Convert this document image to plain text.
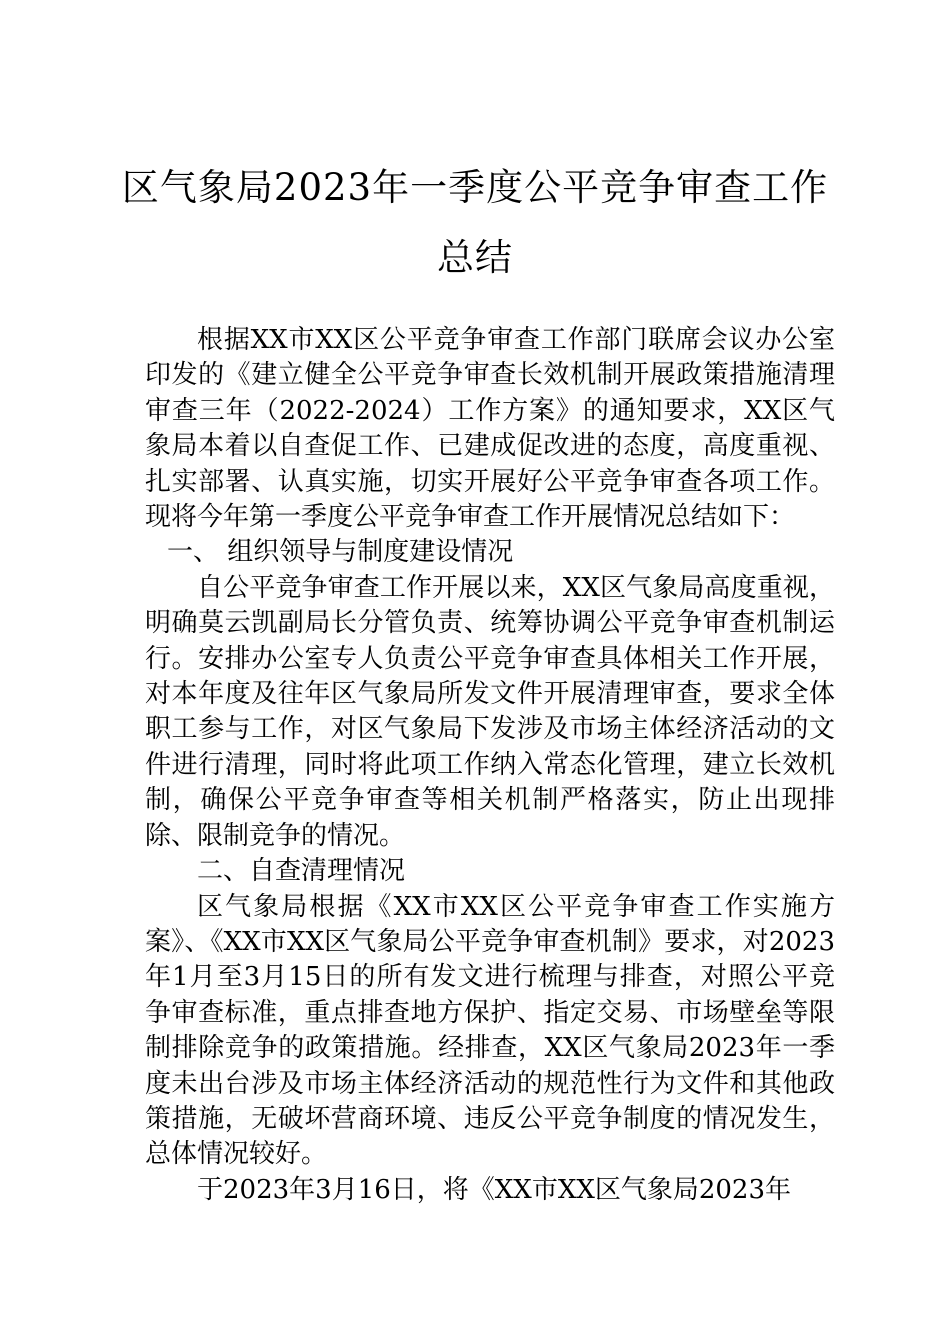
区气象局2023年一季度公平竞争审查工作
总结

根据XX市XX区公平竞争审查工作部门联席会议办公室印发的《建立健全公平竞争审查长效机制开展政策措施清理审查三年（2022-2024）工作方案》的通知要求，XX区气象局本着以自查促工作、已建成促改进的态度，高度重视、扎实部署、认真实施，切实开展好公平竞争审查各项工作。现将今年第一季度公平竞争审查工作开展情况总结如下：

一、 组织领导与制度建设情况

自公平竞争审查工作开展以来，XX区气象局高度重视，明确莫云凯副局长分管负责、统筹协调公平竞争审查机制运行。安排办公室专人负责公平竞争审查具体相关工作开展，对本年度及往年区气象局所发文件开展清理审查，要求全体职工参与工作，对区气象局下发涉及市场主体经济活动的文件进行清理，同时将此项工作纳入常态化管理，建立长效机制，确保公平竞争审查等相关机制严格落实，防止出现排除、限制竞争的情况。

二、自查清理情况

区气象局根据《XX市XX区公平竞争审查工作实施方案》、《XX市XX区气象局公平竞争审查机制》要求，对2023年1月至3月15日的所有发文进行梳理与排查，对照公平竞争审查标准，重点排查地方保护、指定交易、市场壁垒等限制排除竞争的政策措施。经排查，XX区气象局2023年一季度未出台涉及市场主体经济活动的规范性行为文件和其他政策措施，无破坏营商环境、违反公平竞争制度的情况发生，总体情况较好。

于2023年3月16日，将《XX市XX区气象局2023年
